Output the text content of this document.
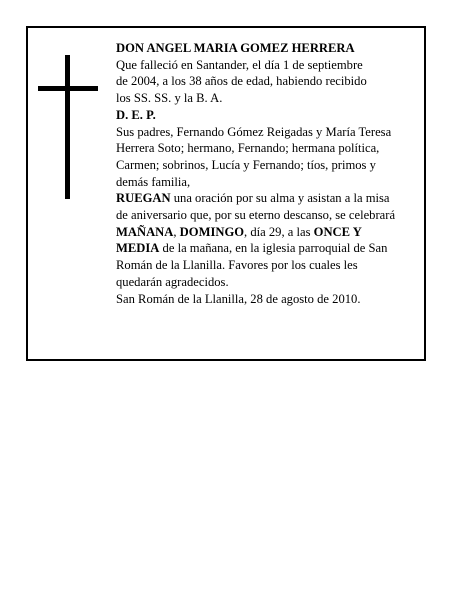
DON ANGEL MARIA GOMEZ HERRERA
Que falleció en Santander, el día 1 de septiembre
de 2004, a los 38 años de edad, habiendo recibido
los SS. SS. y la B. A.
D. E. P.
Sus padres, Fernando Gómez Reigadas y María Teresa
Herrera Soto; hermano, Fernando; hermana política,
Carmen; sobrinos, Lucía y Fernando; tíos, primos y
demás familia,
RUEGAN una oración por su alma y asistan a la misa
de aniversario que, por su eterno descanso, se celebrará
MAÑANA, DOMINGO, día 29, a las ONCE Y
MEDIA de la mañana, en la iglesia parroquial de San
Román de la Llanilla. Favores por los cuales les
quedarán agradecidos.
San Román de la Llanilla, 28 de agosto de 2010.
